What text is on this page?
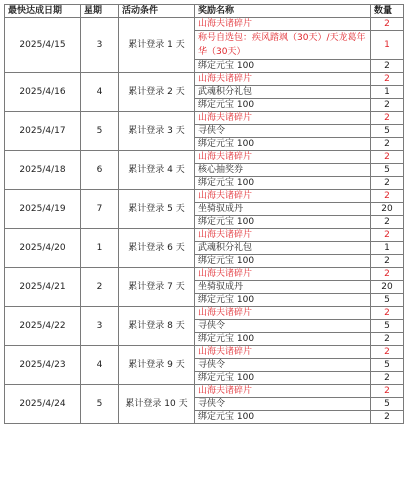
最快达成日期	星期	活动条件	奖励名称	数量
2025/4/15	3	累计登录 1 天	山海夫诸碎片	2
			称号自选包：疾风踏飒（30天）/天龙葛年华（30天）	1
			绑定元宝 100	2
2025/4/16	4	累计登录 2 天	山海夫诸碎片	2
			武魂积分礼包	1
			绑定元宝 100	2
2025/4/17	5	累计登录 3 天	山海夫诸碎片	2
			寻侠令	5
			绑定元宝 100	2
2025/4/18	6	累计登录 4 天	山海夫诸碎片	2
			核心抽奖券	5
			绑定元宝 100	2
2025/4/19	7	累计登录 5 天	山海夫诸碎片	2
			坐骑驭成丹	20
			绑定元宝 100	2
2025/4/20	1	累计登录 6 天	山海夫诸碎片	2
			武魂积分礼包	1
			绑定元宝 100	2
2025/4/21	2	累计登录 7 天	山海夫诸碎片	2
			坐骑驭成丹	20
			绑定元宝 100	5
2025/4/22	3	累计登录 8 天	山海夫诸碎片	2
			寻侠令	5
			绑定元宝 100	2
2025/4/23	4	累计登录 9 天	山海夫诸碎片	2
			寻侠令	5
			绑定元宝 100	2
2025/4/24	5	累计登录 10 天	山海夫诸碎片	2
			寻侠令	5
			绑定元宝 100	2
